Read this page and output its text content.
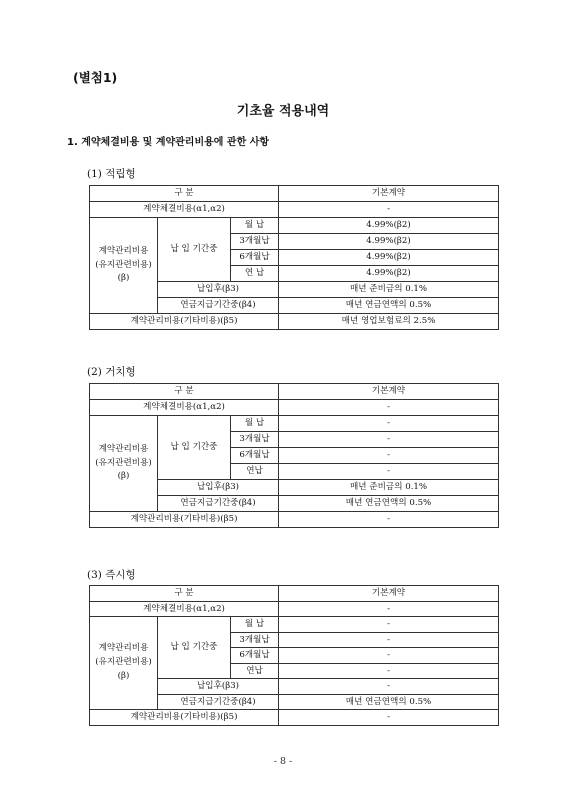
(별첨1)
기초율 적용내역
1. 계약체결비용 및 계약관리비용에 관한 사항
(1) 적립형
구 분	기본계약
계약체결비용(α1,α2)	-
계약관리비용 (유지관련비용) (β)	납 입 기간중	월 납	4.99%(β2)
3개월납	4.99%(β2)
6개월납	4.99%(β2)
연 납	4.99%(β2)
납입후(β3)	매년 준비금의 0.1%
연금지급기간중(β4)	매년 연금연액의 0.5%
계약관리비용(기타비용)(β5)	매년 영업보험료의 2.5%
(2) 거치형
구 분	기본계약
계약체결비용(α1,α2)	-
계약관리비용 (유지관련비용) (β)	납 입 기간중	월 납	-
3개월납	-
6개월납	-
연납	-
납입후(β3)	매년 준비금의 0.1%
연금지급기간중(β4)	매년 연금연액의 0.5%
계약관리비용(기타비용)(β5)	-
(3) 즉시형
구 분	기본계약
계약체결비용(α1,α2)	-
계약관리비용 (유지관련비용) (β)	납 입 기간중	월 납	-
3개월납	-
6개월납	-
연납	-
납입후(β3)	-
연금지급기간중(β4)	매년 연금연액의 0.5%
계약관리비용(기타비용)(β5)	-
- 8 -
